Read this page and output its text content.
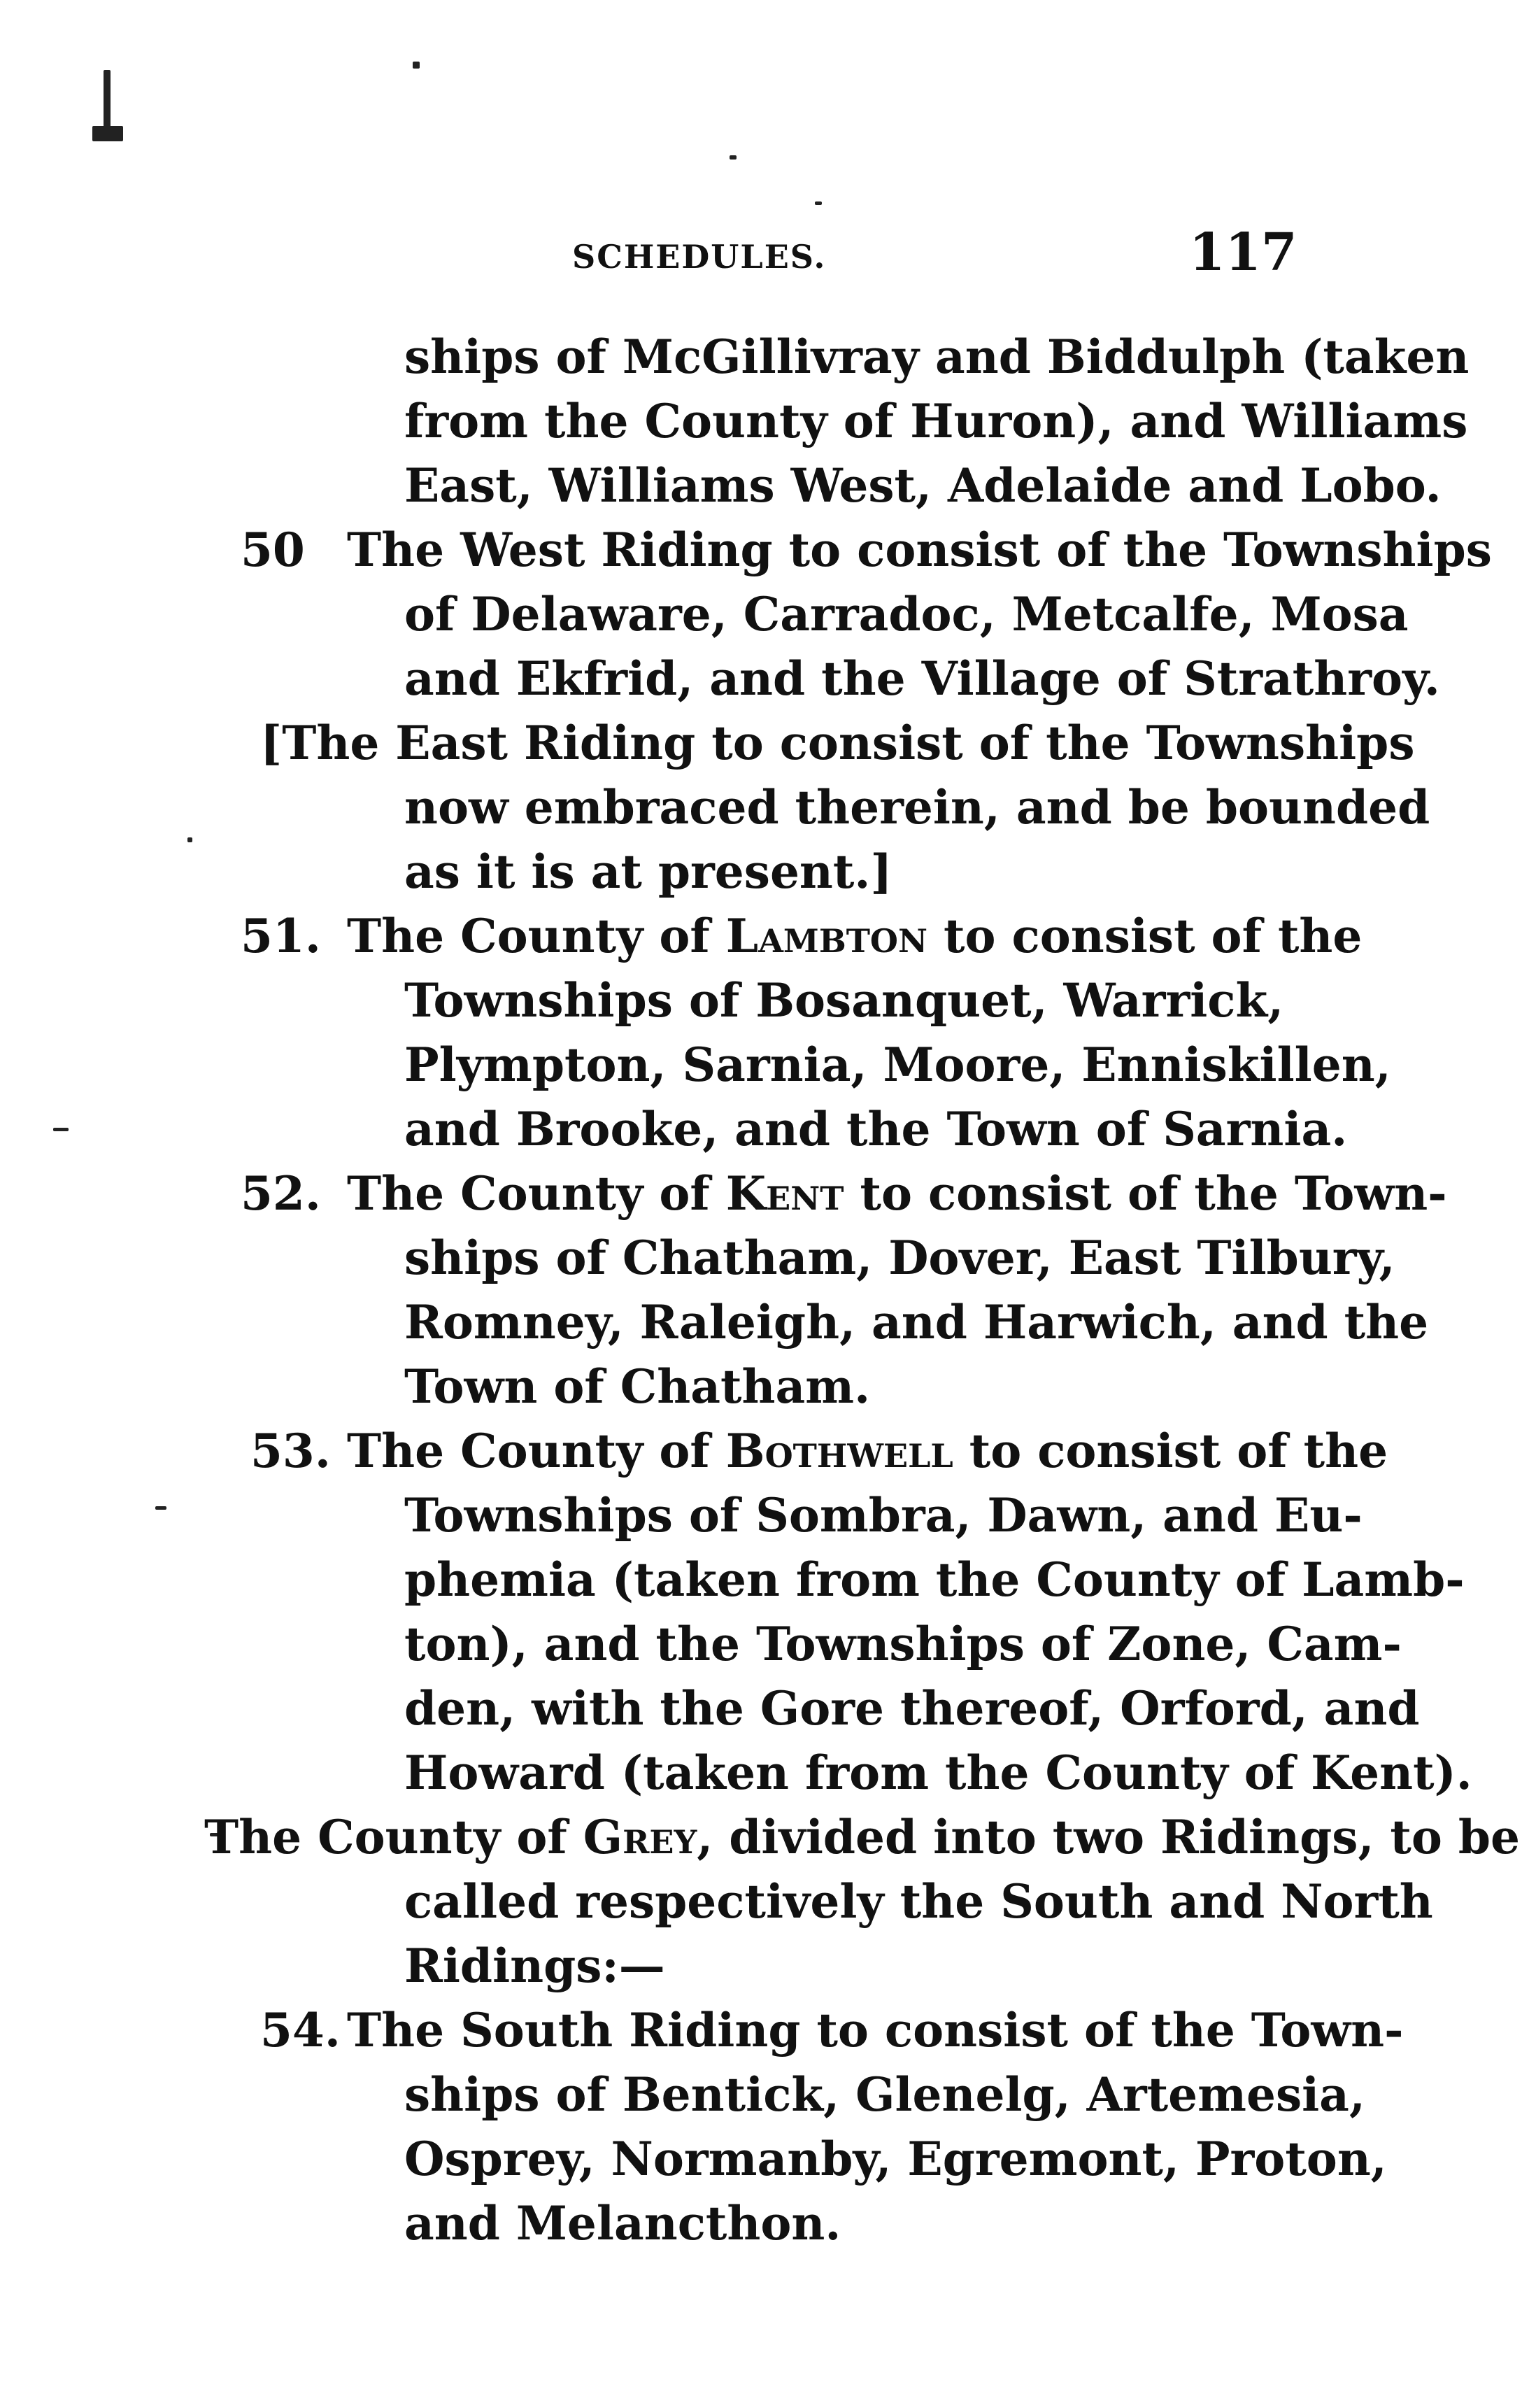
SCHEDULES.	117
ships of McGillivray and Biddulph (taken
from the County of Huron), and Williams
East, Williams West, Adelaide and Lobo.
50 The West Riding to consist of the Townships
of Delaware, Carradoc, Metcalfe, Mosa
and Ekfrid, and the Village of Strathroy.
[The East Riding to consist of the Townships
now embraced therein, and be bounded
as it is at present.]
51. The County of Lambton to consist of the
Townships of Bosanquet, Warrick,
Plympton, Sarnia, Moore, Enniskillen,
and Brooke, and the Town of Sarnia.
52. The County of Kent to consist of the Town-
ships of Chatham, Dover, East Tilbury,
Romney, Raleigh, and Harwich, and the
Town of Chatham.
53. The County of Bothwell to consist of the
Townships of Sombra, Dawn, and Eu-
phemia (taken from the County of Lamb-
ton), and the Townships of Zone, Cam-
den, with the Gore thereof, Orford, and
Howard (taken from the County of Kent).
The County of Grey, divided into two Ridings, to be
called respectively the South and North
Ridings:—
54. The South Riding to consist of the Town-
ships of Bentick, Glenelg, Artemesia,
Osprey, Normanby, Egremont, Proton,
and Melancthon.
